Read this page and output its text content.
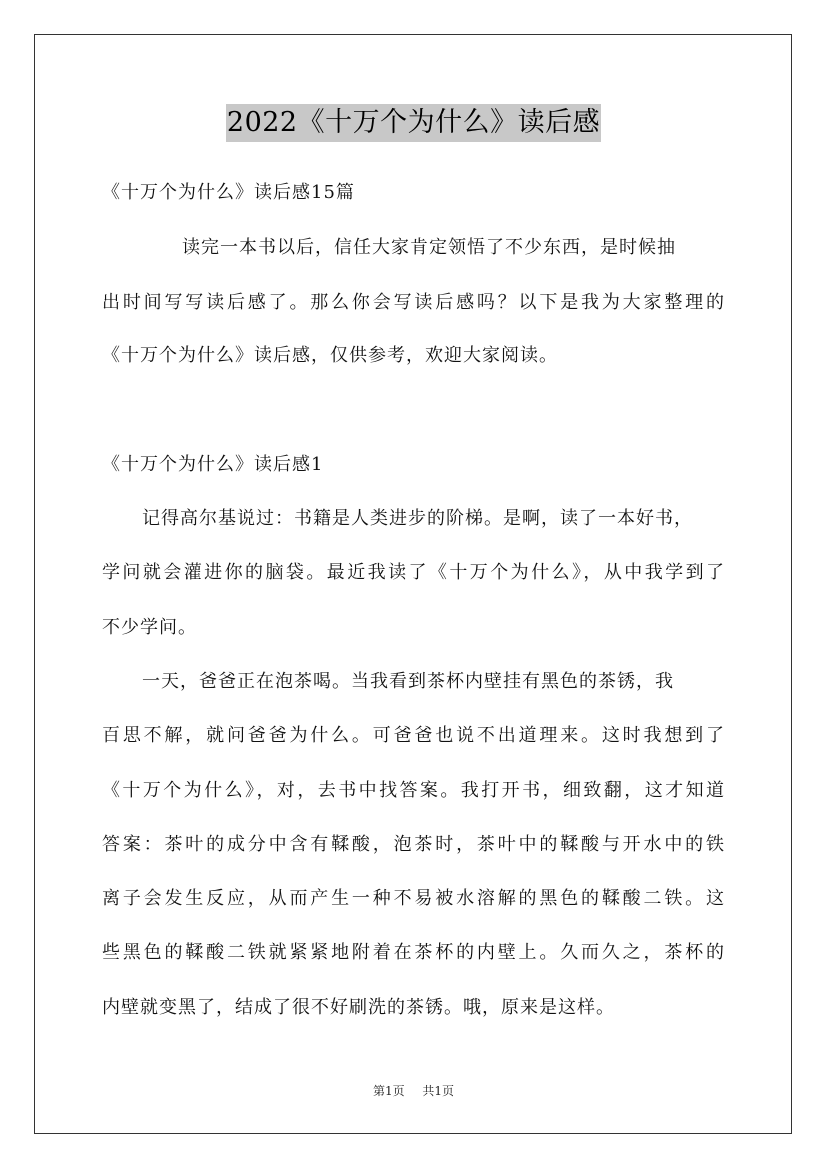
2022《十万个为什么》读后感
《十万个为什么》读后感15篇
读完一本书以后，信任大家肯定领悟了不少东西，是时候抽
出时间写写读后感了。那么你会写读后感吗？以下是我为大家整理的
《十万个为什么》读后感，仅供参考，欢迎大家阅读。
《十万个为什么》读后感1
记得高尔基说过：书籍是人类进步的阶梯。是啊，读了一本好书，
学问就会灌进你的脑袋。最近我读了《十万个为什么》，从中我学到了
不少学问。
一天，爸爸正在泡茶喝。当我看到茶杯内壁挂有黑色的茶锈，我
百思不解，就问爸爸为什么。可爸爸也说不出道理来。这时我想到了
《十万个为什么》，对，去书中找答案。我打开书，细致翻，这才知道
答案：茶叶的成分中含有鞣酸，泡茶时，茶叶中的鞣酸与开水中的铁
离子会发生反应，从而产生一种不易被水溶解的黑色的鞣酸二铁。这
些黑色的鞣酸二铁就紧紧地附着在茶杯的内壁上。久而久之，茶杯的
内壁就变黑了，结成了很不好刷洗的茶锈。哦，原来是这样。
第1页 共1页
